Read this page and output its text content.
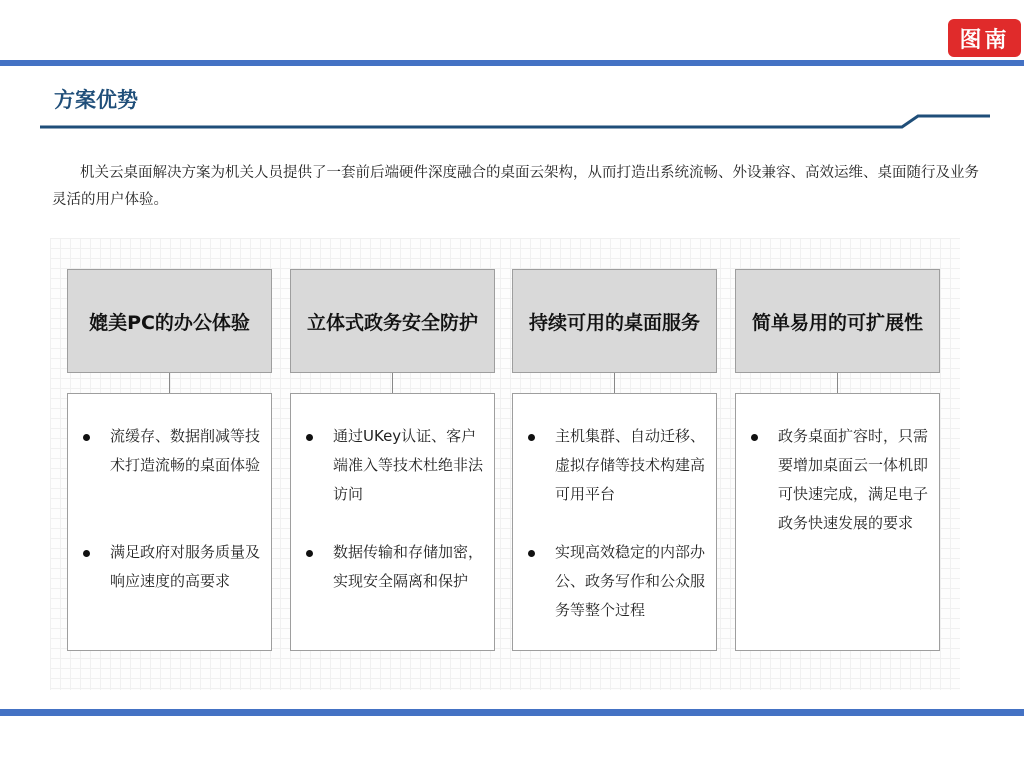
图南
方案优势
机关云桌面解决方案为机关人员提供了一套前后端硬件深度融合的桌面云架构，从而打造出系统流畅、外设兼容、高效运维、桌面随行及业务灵活的用户体验。
媲美PC的办公体验
流缓存、数据削减等技术打造流畅的桌面体验
满足政府对服务质量及响应速度的高要求
立体式政务安全防护
通过UKey认证、客户端准入等技术杜绝非法访问
数据传输和存储加密，实现安全隔离和保护
持续可用的桌面服务
主机集群、自动迁移、虚拟存储等技术构建高可用平台
实现高效稳定的内部办公、政务写作和公众服务等整个过程
简单易用的可扩展性
政务桌面扩容时，只需要增加桌面云一体机即可快速完成，满足电子政务快速发展的要求
